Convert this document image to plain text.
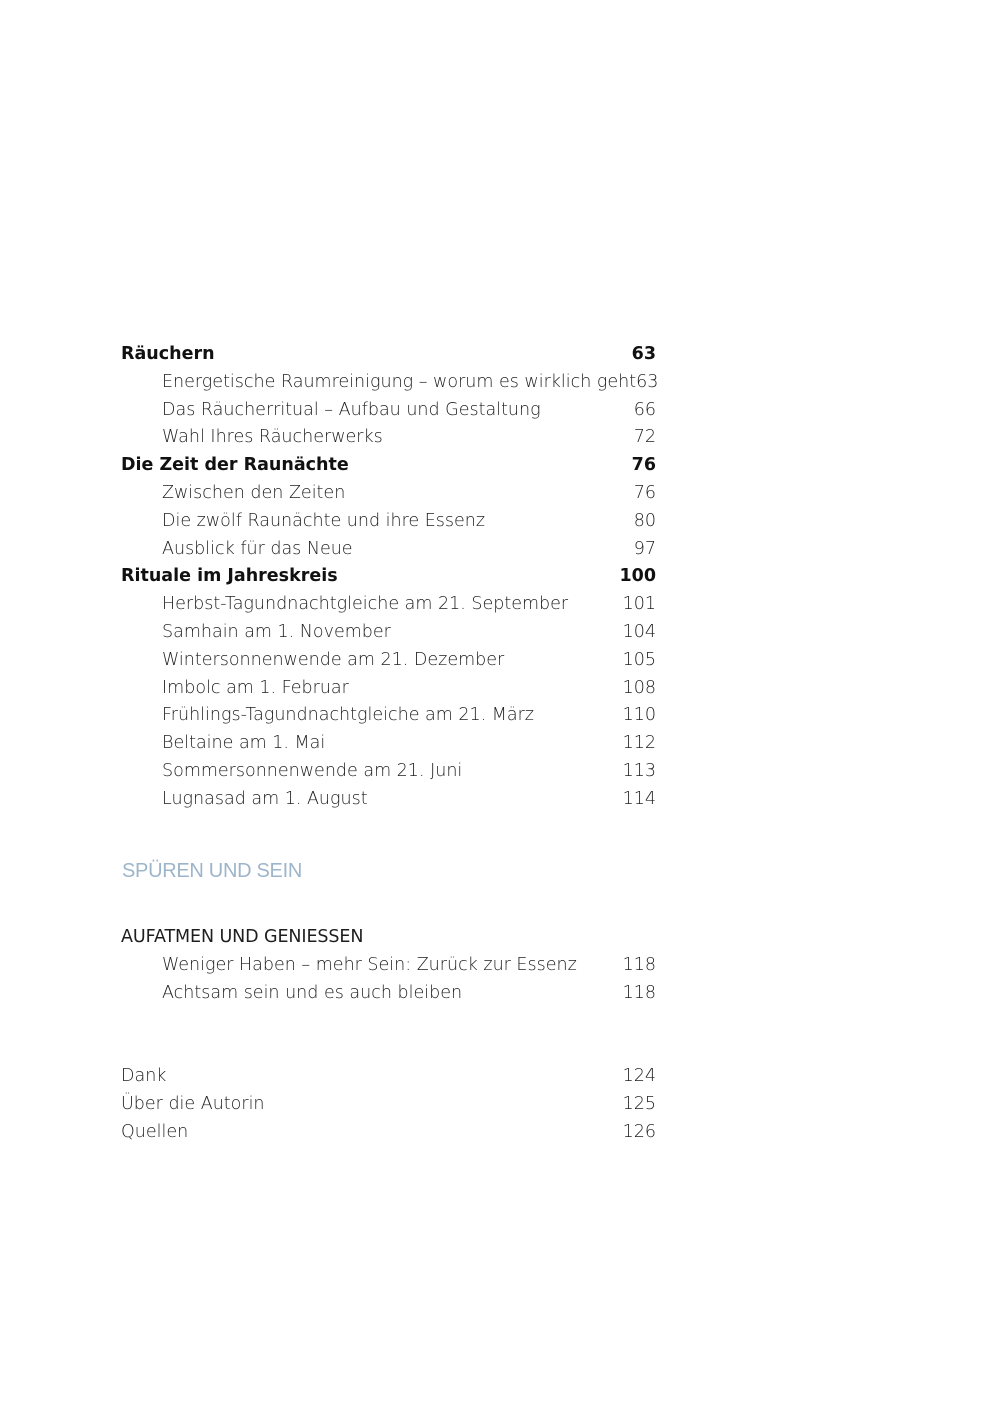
Räuchern	63
Energetische Raumreinigung – worum es wirklich geht 63
Das Räucherritual – Aufbau und Gestaltung	66
Wahl Ihres Räucherwerks	72
Die Zeit der Raunächte	76
Zwischen den Zeiten	76
Die zwölf Raunächte und ihre Essenz	80
Ausblick für das Neue	97
Rituale im Jahreskreis	100
Herbst-Tagundnachtgleiche am 21. September	101
Samhain am 1. November	104
Wintersonnenwende am 21. Dezember	105
Imbolc am 1. Februar	108
Frühlings-Tagundnachtgleiche am 21. März	110
Beltaine am 1. Mai	112
Sommersonnenwende am 21. Juni	113
Lugnasad am 1. August	114
SPÜREN UND SEIN
AUFATMEN UND GENIESSEN
Weniger Haben – mehr Sein: Zurück zur Essenz	118
Achtsam sein und es auch bleiben	118
Dank	124
Über die Autorin	125
Quellen	126
